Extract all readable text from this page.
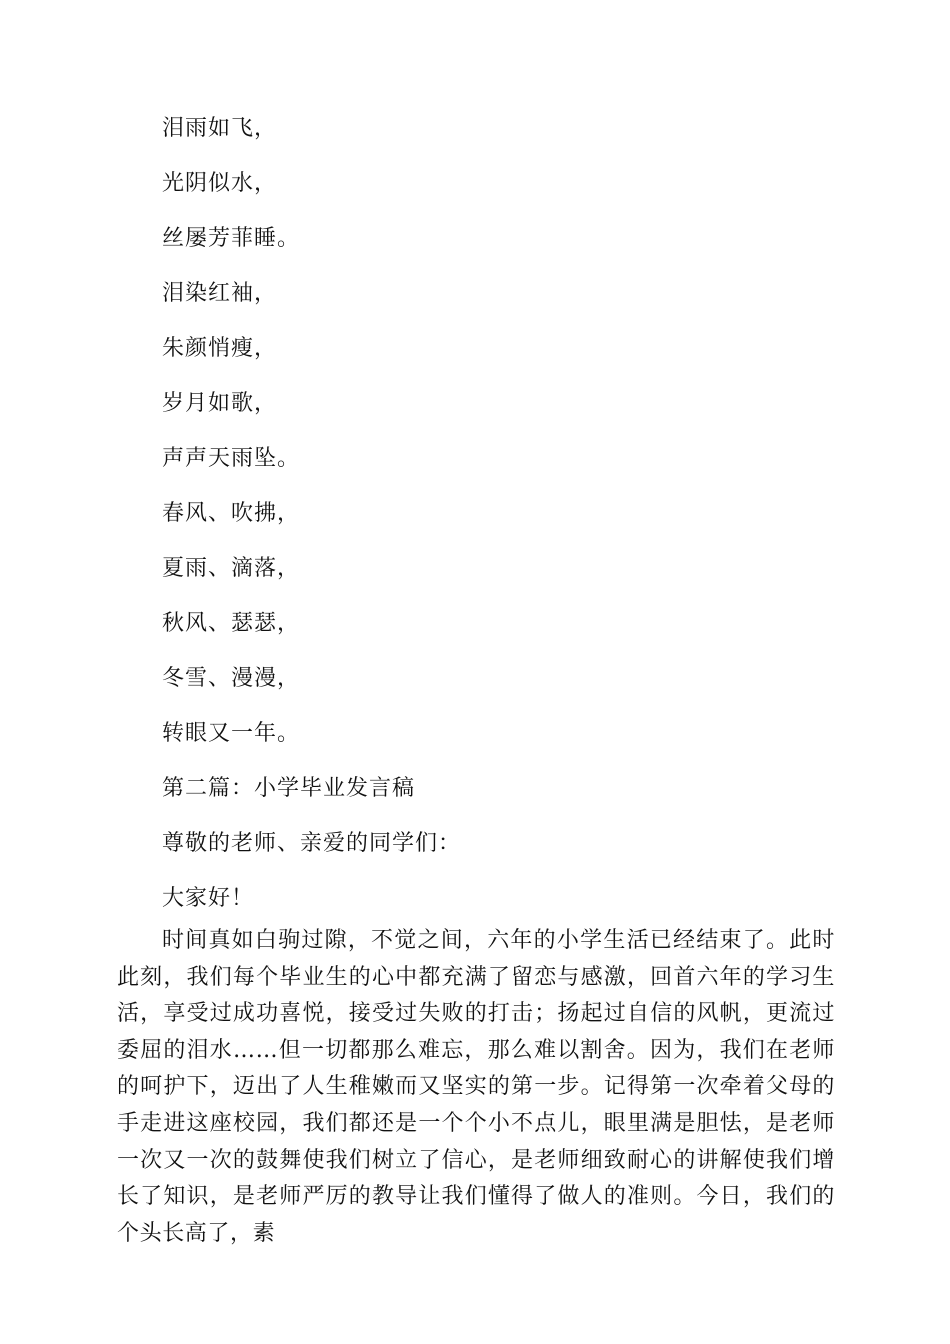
泪雨如飞，
光阴似水，
丝屡芳菲睡。
泪染红袖，
朱颜悄瘦，
岁月如歌，
声声天雨坠。
春风、吹拂，
夏雨、滴落，
秋风、瑟瑟，
冬雪、漫漫，
转眼又一年。
第二篇：小学毕业发言稿
尊敬的老师、亲爱的同学们：
大家好！

时间真如白驹过隙，不觉之间，六年的小学生活已经结束了。此时此刻，我们每个毕业生的心中都充满了留恋与感激，回首六年的学习生活，享受过成功喜悦，接受过失败的打击；扬起过自信的风帆，更流过委屈的泪水……但一切都那么难忘，那么难以割舍。因为，我们在老师的呵护下，迈出了人生稚嫩而又坚实的第一步。记得第一次牵着父母的手走进这座校园，我们都还是一个个小不点儿，眼里满是胆怯，是老师一次又一次的鼓舞使我们树立了信心，是老师细致耐心的讲解使我们增长了知识，是老师严厉的教导让我们懂得了做人的准则。今日，我们的个头长高了，素
